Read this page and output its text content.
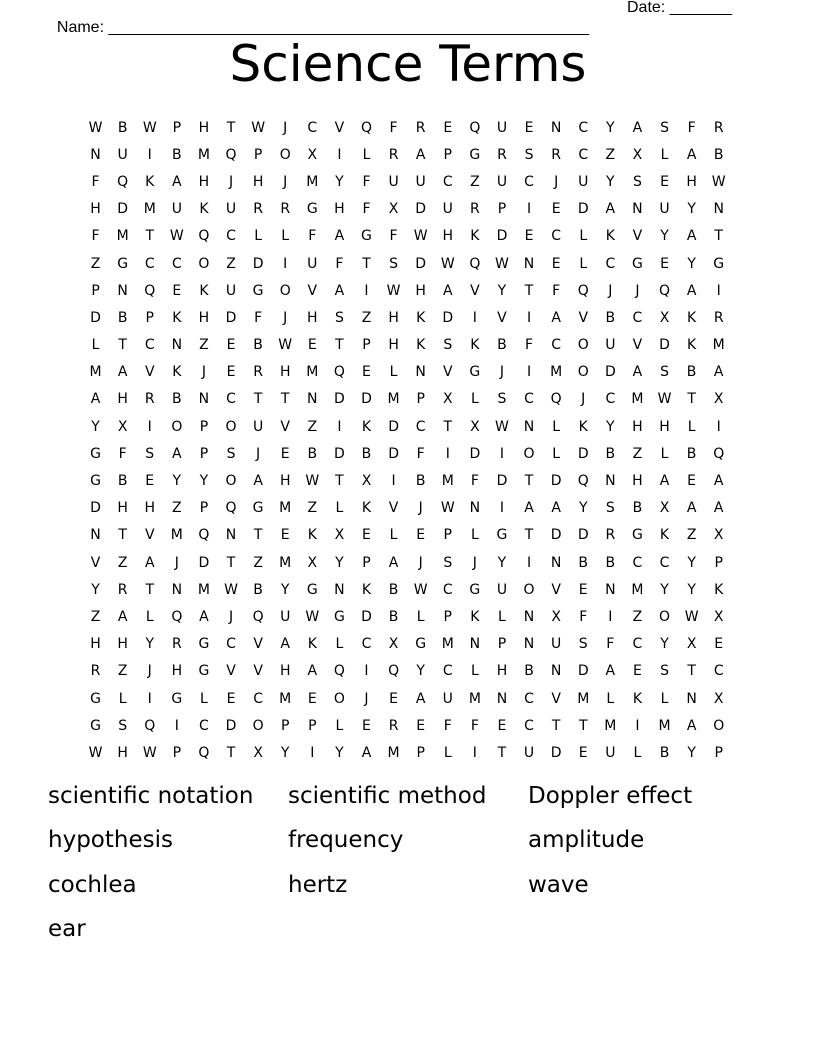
Name: ______________________________________________________

Date: _______

Science Terms
W	B	W	P	H	T	W	J	C	V	Q	F	R	E	Q	U	E	N	C	Y	A	S	F	R
N	U	I	B	M	Q	P	O	X	I	L	R	A	P	G	R	S	R	C	Z	X	L	A	B
F	Q	K	A	H	J	H	J	M	Y	F	U	U	C	Z	U	C	J	U	Y	S	E	H	W
H	D	M	U	K	U	R	R	G	H	F	X	D	U	R	P	I	E	D	A	N	U	Y	N
F	M	T	W	Q	C	L	L	F	A	G	F	W	H	K	D	E	C	L	K	V	Y	A	T
Z	G	C	C	O	Z	D	I	U	F	T	S	D	W	Q	W	N	E	L	C	G	E	Y	G
P	N	Q	E	K	U	G	O	V	A	I	W	H	A	V	Y	T	F	Q	J	J	Q	A	I
D	B	P	K	H	D	F	J	H	S	Z	H	K	D	I	V	I	A	V	B	C	X	K	R
L	T	C	N	Z	E	B	W	E	T	P	H	K	S	K	B	F	C	O	U	V	D	K	M
M	A	V	K	J	E	R	H	M	Q	E	L	N	V	G	J	I	M	O	D	A	S	B	A
A	H	R	B	N	C	T	T	N	D	D	M	P	X	L	S	C	Q	J	C	M	W	T	X
Y	X	I	O	P	O	U	V	Z	I	K	D	C	T	X	W	N	L	K	Y	H	H	L	I
G	F	S	A	P	S	J	E	B	D	B	D	F	I	D	I	O	L	D	B	Z	L	B	Q
G	B	E	Y	Y	O	A	H	W	T	X	I	B	M	F	D	T	D	Q	N	H	A	E	A
D	H	H	Z	P	Q	G	M	Z	L	K	V	J	W	N	I	A	A	Y	S	B	X	A	A
N	T	V	M	Q	N	T	E	K	X	E	L	E	P	L	G	T	D	D	R	G	K	Z	X
V	Z	A	J	D	T	Z	M	X	Y	P	A	J	S	J	Y	I	N	B	B	C	C	Y	P
Y	R	T	N	M	W	B	Y	G	N	K	B	W	C	G	U	O	V	E	N	M	Y	Y	K
Z	A	L	Q	A	J	Q	U	W	G	D	B	L	P	K	L	N	X	F	I	Z	O	W	X
H	H	Y	R	G	C	V	A	K	L	C	X	G	M	N	P	N	U	S	F	C	Y	X	E
R	Z	J	H	G	V	V	H	A	Q	I	Q	Y	C	L	H	B	N	D	A	E	S	T	C
G	L	I	G	L	E	C	M	E	O	J	E	A	U	M	N	C	V	M	L	K	L	N	X
G	S	Q	I	C	D	O	P	P	L	E	R	E	F	F	E	C	T	T	M	I	M	A	O
W	H	W	P	Q	T	X	Y	I	Y	A	M	P	L	I	T	U	D	E	U	L	B	Y	P
scientific notation	scientific method	Doppler effect
hypothesis	frequency	amplitude
cochlea	hertz	wave
ear
